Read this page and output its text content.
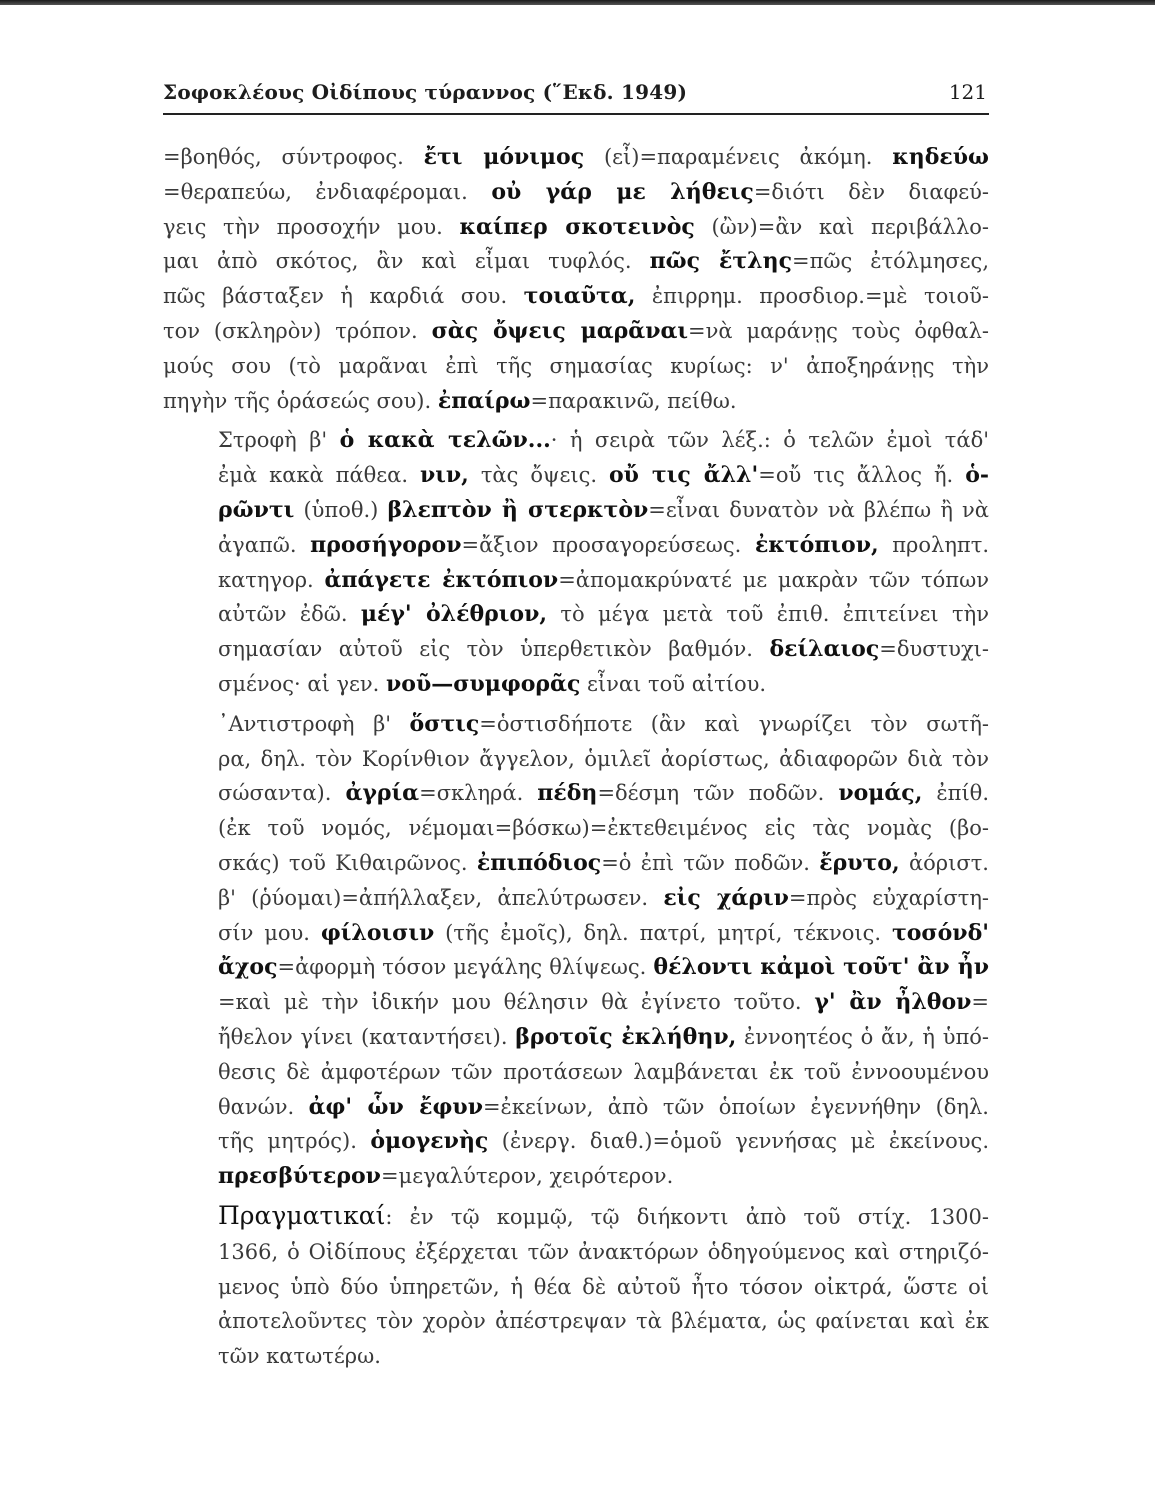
Σοφοκλέους Οἰδίπους τύραννος (῞Εκδ. 1949)	121
=βοηθός, σύντροφος. ἔτι μόνιμος (εἶ)=παραμένεις ἀκόμη. κηδεύω
=θεραπεύω, ἐνδιαφέρομαι. οὐ γάρ με λήθεις=διότι δὲν διαφεύ-
γεις τὴν προσοχήν μου. καίπερ σκοτεινὸς (ὢν)=ἂν καὶ περιβάλλο-
μαι ἀπὸ σκότος, ἂν καὶ εἶμαι τυφλός. πῶς ἔτλης=πῶς ἐτόλμησες,
πῶς βάσταξεν ἡ καρδιά σου. τοιαῦτα, ἐπιρρημ. προσδιορ.=μὲ τοιοῦ-
τον (σκληρὸν) τρόπον. σὰς ὄψεις μαρᾶναι=νὰ μαράνῃς τοὺς ὀφθαλ-
μούς σου (τὸ μαρᾶναι ἐπὶ τῆς σημασίας κυρίως: ν' ἀποξηράνῃς τὴν
πηγὴν τῆς ὁράσεώς σου). ἐπαίρω=παρακινῶ, πείθω.
Στροφὴ β' ὁ κακὰ τελῶν...· ἡ σειρὰ τῶν λέξ.: ὁ τελῶν ἐμοὶ τάδ'
ἐμὰ κακὰ πάθεα. νιν, τὰς ὄψεις. οὔ τις ἄλλ'=οὔ τις ἄλλος ἤ. ὁ-
ρῶντι (ὑποθ.) βλεπτὸν ἢ στερκτὸν=εἶναι δυνατὸν νὰ βλέπω ἢ νὰ
ἀγαπῶ. προσήγορον=ἄξιον προσαγορεύσεως. ἐκτόπιον, προληπτ.
κατηγορ. ἀπάγετε ἐκτόπιον=ἀπομακρύνατέ με μακρὰν τῶν τόπων
αὐτῶν ἐδῶ. μέγ' ὀλέθριον, τὸ μέγα μετὰ τοῦ ἐπιθ. ἐπιτείνει τὴν
σημασίαν αὐτοῦ εἰς τὸν ὑπερθετικὸν βαθμόν. δείλαιος=δυστυχι-
σμένος· αἱ γεν. νοῦ—συμφορᾶς εἶναι τοῦ αἰτίου.
᾿Αντιστροφὴ β' ὅστις=ὁστισδήποτε (ἂν καὶ γνωρίζει τὸν σωτῆ-
ρα, δηλ. τὸν Κορίνθιον ἄγγελον, ὁμιλεῖ ἀορίστως, ἀδιαφορῶν διὰ τὸν
σώσαντα). ἀγρία=σκληρά. πέδη=δέσμη τῶν ποδῶν. νομάς, ἐπίθ.
(ἐκ τοῦ νομός, νέμομαι=βόσκω)=ἐκτεθειμένος εἰς τὰς νομὰς (βο-
σκάς) τοῦ Κιθαιρῶνος. ἐπιπόδιος=ὁ ἐπὶ τῶν ποδῶν. ἔρυτο, ἀόριστ.
β' (ῥύομαι)=ἀπήλλαξεν, ἀπελύτρωσεν. εἰς χάριν=πρὸς εὐχαρίστη-
σίν μου. φίλοισιν (τῆς ἐμοῖς), δηλ. πατρί, μητρί, τέκνοις. τοσόνδ'
ἄχος=ἀφορμὴ τόσον μεγάλης θλίψεως. θέλοντι κἀμοὶ τοῦτ' ἂν ἦν
=καὶ μὲ τὴν ἰδικήν μου θέλησιν θὰ ἐγίνετο τοῦτο. γ' ἂν ἦλθον=
ἤθελον γίνει (καταντήσει). βροτοῖς ἐκλήθην, ἐννοητέος ὁ ἄν, ἡ ὑπό-
θεσις δὲ ἀμφοτέρων τῶν προτάσεων λαμβάνεται ἐκ τοῦ ἐννοουμένου
θανών. ἀφ' ὧν ἔφυν=ἐκείνων, ἀπὸ τῶν ὁποίων ἐγεννήθην (δηλ.
τῆς μητρός). ὁμογενὴς (ἐνεργ. διαθ.)=ὁμοῦ γεννήσας μὲ ἐκείνους.
πρεσβύτερον=μεγαλύτερον, χειρότερον.
Πραγματικαί: ἐν τῷ κομμῷ, τῷ διήκοντι ἀπὸ τοῦ στίχ. 1300-
1366, ὁ Οἰδίπους ἐξέρχεται τῶν ἀνακτόρων ὁδηγούμενος καὶ στηριζό-
μενος ὑπὸ δύο ὑπηρετῶν, ἡ θέα δὲ αὐτοῦ ἦτο τόσον οἰκτρά, ὥστε οἱ
ἀποτελοῦντες τὸν χορὸν ἀπέστρεψαν τὰ βλέματα, ὡς φαίνεται καὶ ἐκ
τῶν κατωτέρω.
